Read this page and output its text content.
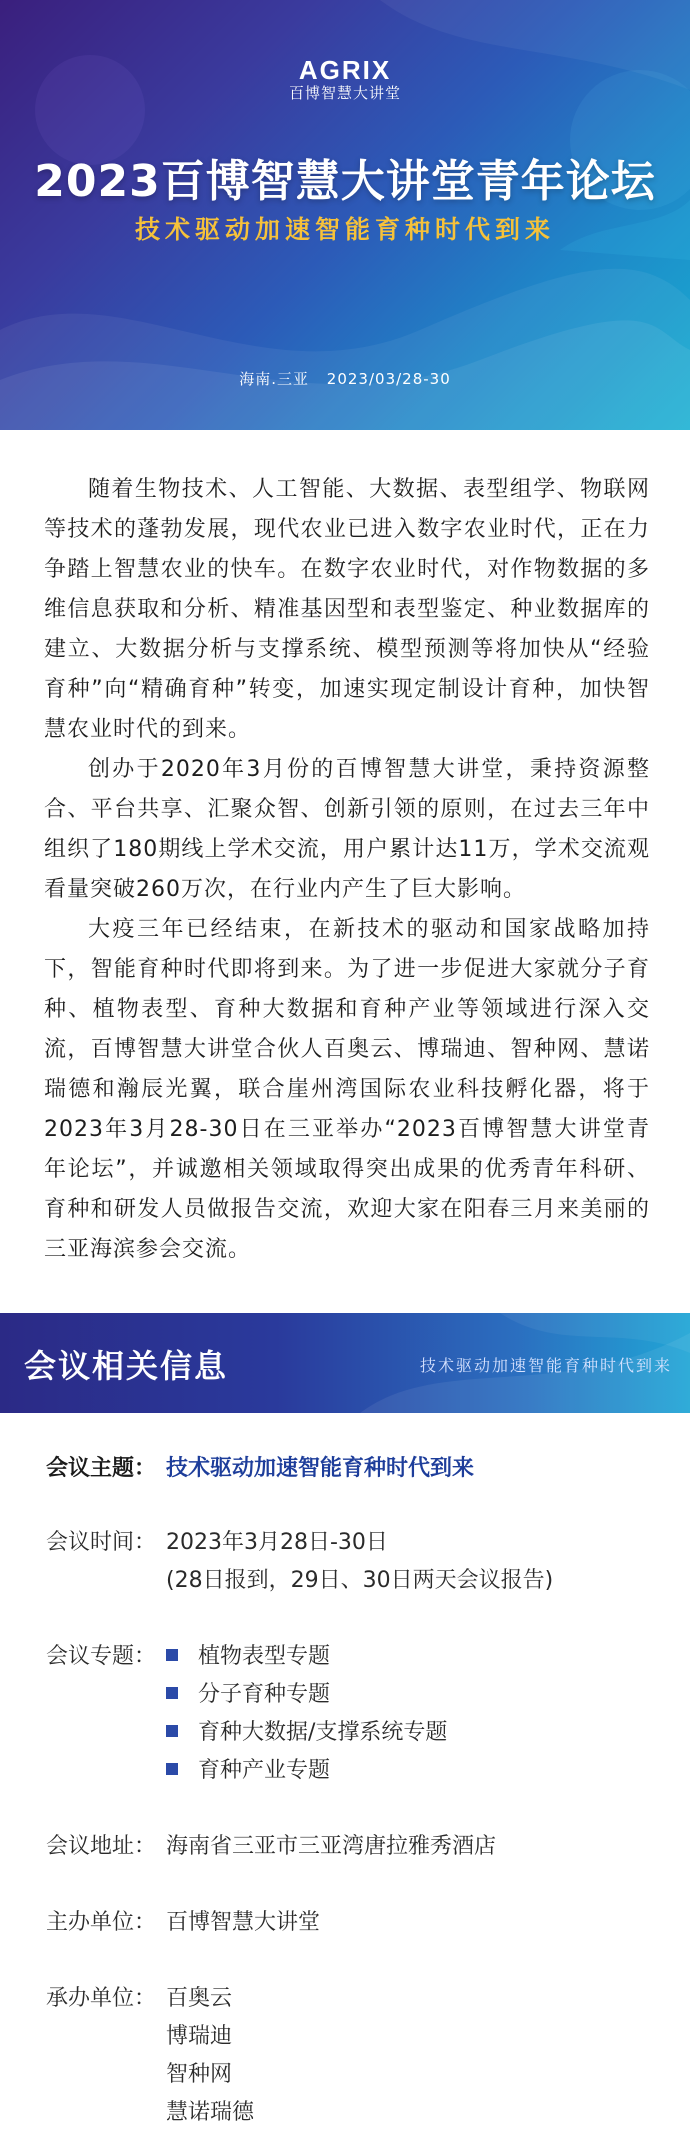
AGRIX
百博智慧大讲堂
2023百博智慧大讲堂青年论坛
技术驱动加速智能育种时代到来
海南.三亚 2023/03/28-30

随着生物技术、人工智能、大数据、表型组学、物联网等技术的蓬勃发展，现代农业已进入数字农业时代，正在力争踏上智慧农业的快车。在数字农业时代，对作物数据的多维信息获取和分析、精准基因型和表型鉴定、种业数据库的建立、大数据分析与支撑系统、模型预测等将加快从“经验育种”向“精确育种”转变，加速实现定制设计育种，加快智慧农业时代的到来。

创办于2020年3月份的百博智慧大讲堂，秉持资源整合、平台共享、汇聚众智、创新引领的原则，在过去三年中组织了180期线上学术交流，用户累计达11万，学术交流观看量突破260万次，在行业内产生了巨大影响。

大疫三年已经结束，在新技术的驱动和国家战略加持下，智能育种时代即将到来。为了进一步促进大家就分子育种、植物表型、育种大数据和育种产业等领域进行深入交流，百博智慧大讲堂合伙人百奥云、博瑞迪、智种网、慧诺瑞德和瀚辰光翼，联合崖州湾国际农业科技孵化器，将于2023年3月28-30日在三亚举办“2023百博智慧大讲堂青年论坛”，并诚邀相关领域取得突出成果的优秀青年科研、育种和研发人员做报告交流，欢迎大家在阳春三月来美丽的三亚海滨参会交流。

会议相关信息	技术驱动加速智能育种时代到来
会议主题： 技术驱动加速智能育种时代到来
会议时间： 2023年3月28日-30日
(28日报到，29日、30日两天会议报告)
会议专题：	植物表型专题
分子育种专题
育种大数据/支撑系统专题
育种产业专题
会议地址： 海南省三亚市三亚湾唐拉雅秀酒店
主办单位： 百博智慧大讲堂
承办单位： 百奥云
博瑞迪
智种网
慧诺瑞德
